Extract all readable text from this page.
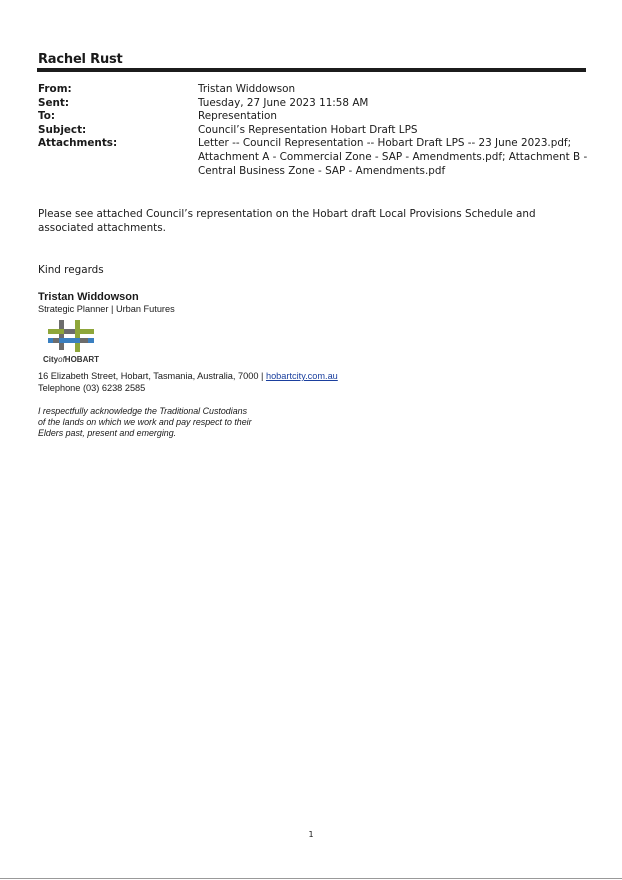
Rachel Rust
From:	Tristan Widdowson
Sent:	Tuesday, 27 June 2023 11:58 AM
To:	Representation
Subject:	Council’s Representation Hobart Draft LPS
Attachments:	Letter -- Council Representation -- Hobart Draft LPS -- 23 June 2023.pdf; Attachment A - Commercial Zone - SAP - Amendments.pdf; Attachment B - Central Business Zone - SAP - Amendments.pdf
Please see attached Council’s representation on the Hobart draft Local Provisions Schedule and associated attachments.
Kind regards
Tristan Widdowson
Strategic Planner | Urban Futures
CityofHOBART
16 Elizabeth Street, Hobart, Tasmania, Australia, 7000 | hobartcity.com.au
Telephone (03) 6238 2585
I respectfully acknowledge the Traditional Custodians
of the lands on which we work and pay respect to their
Elders past, present and emerging.
1
